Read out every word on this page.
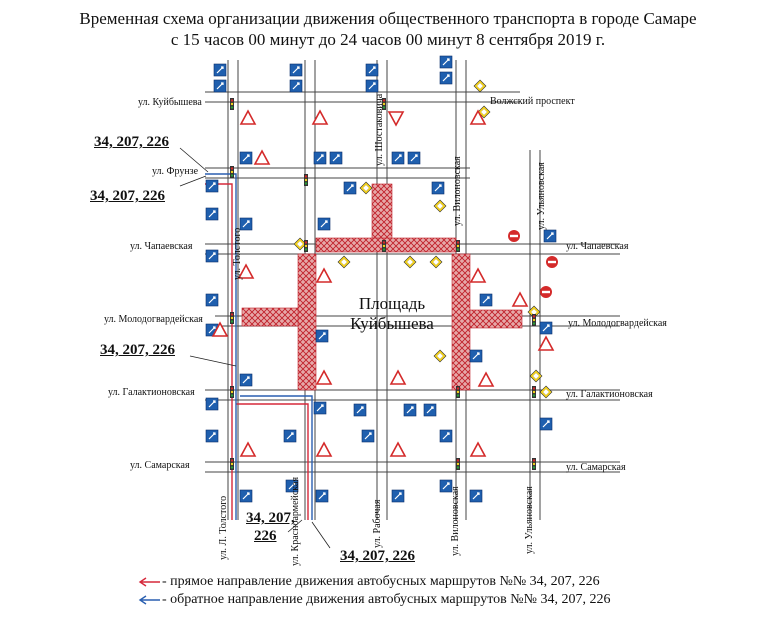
Временная схема организации движения общественного транспорта в городе Самаре
с 15 часов 00 минут до 24 часов 00 минут 8 сентября 2019 г.
ул. Куйбышева	Волжский проспект
ул. Фрунзе
ул. Чапаевская	ул. Чапаевская
ул. Молодогвардейская	ул. Молодогвардейская
ул. Галактионовская	ул. Галактионовская
ул. Самарская	ул. Самарская
ул. Л. Толстого
ул. Толстого
ул. Красноармейская	ул. Рабочая	ул. Вилоновская
ул. Вилоновская
ул. Ульяновская
ул. Ульяновская
ул. Шостаковича
Площадь
Куйбышева
34, 207, 226
34, 207, 226
34, 207, 226
34, 207,
226
34, 207, 226
- прямое направление движения автобусных маршрутов №№ 34, 207, 226
- обратное направление движения автобусных маршрутов №№ 34, 207, 226
